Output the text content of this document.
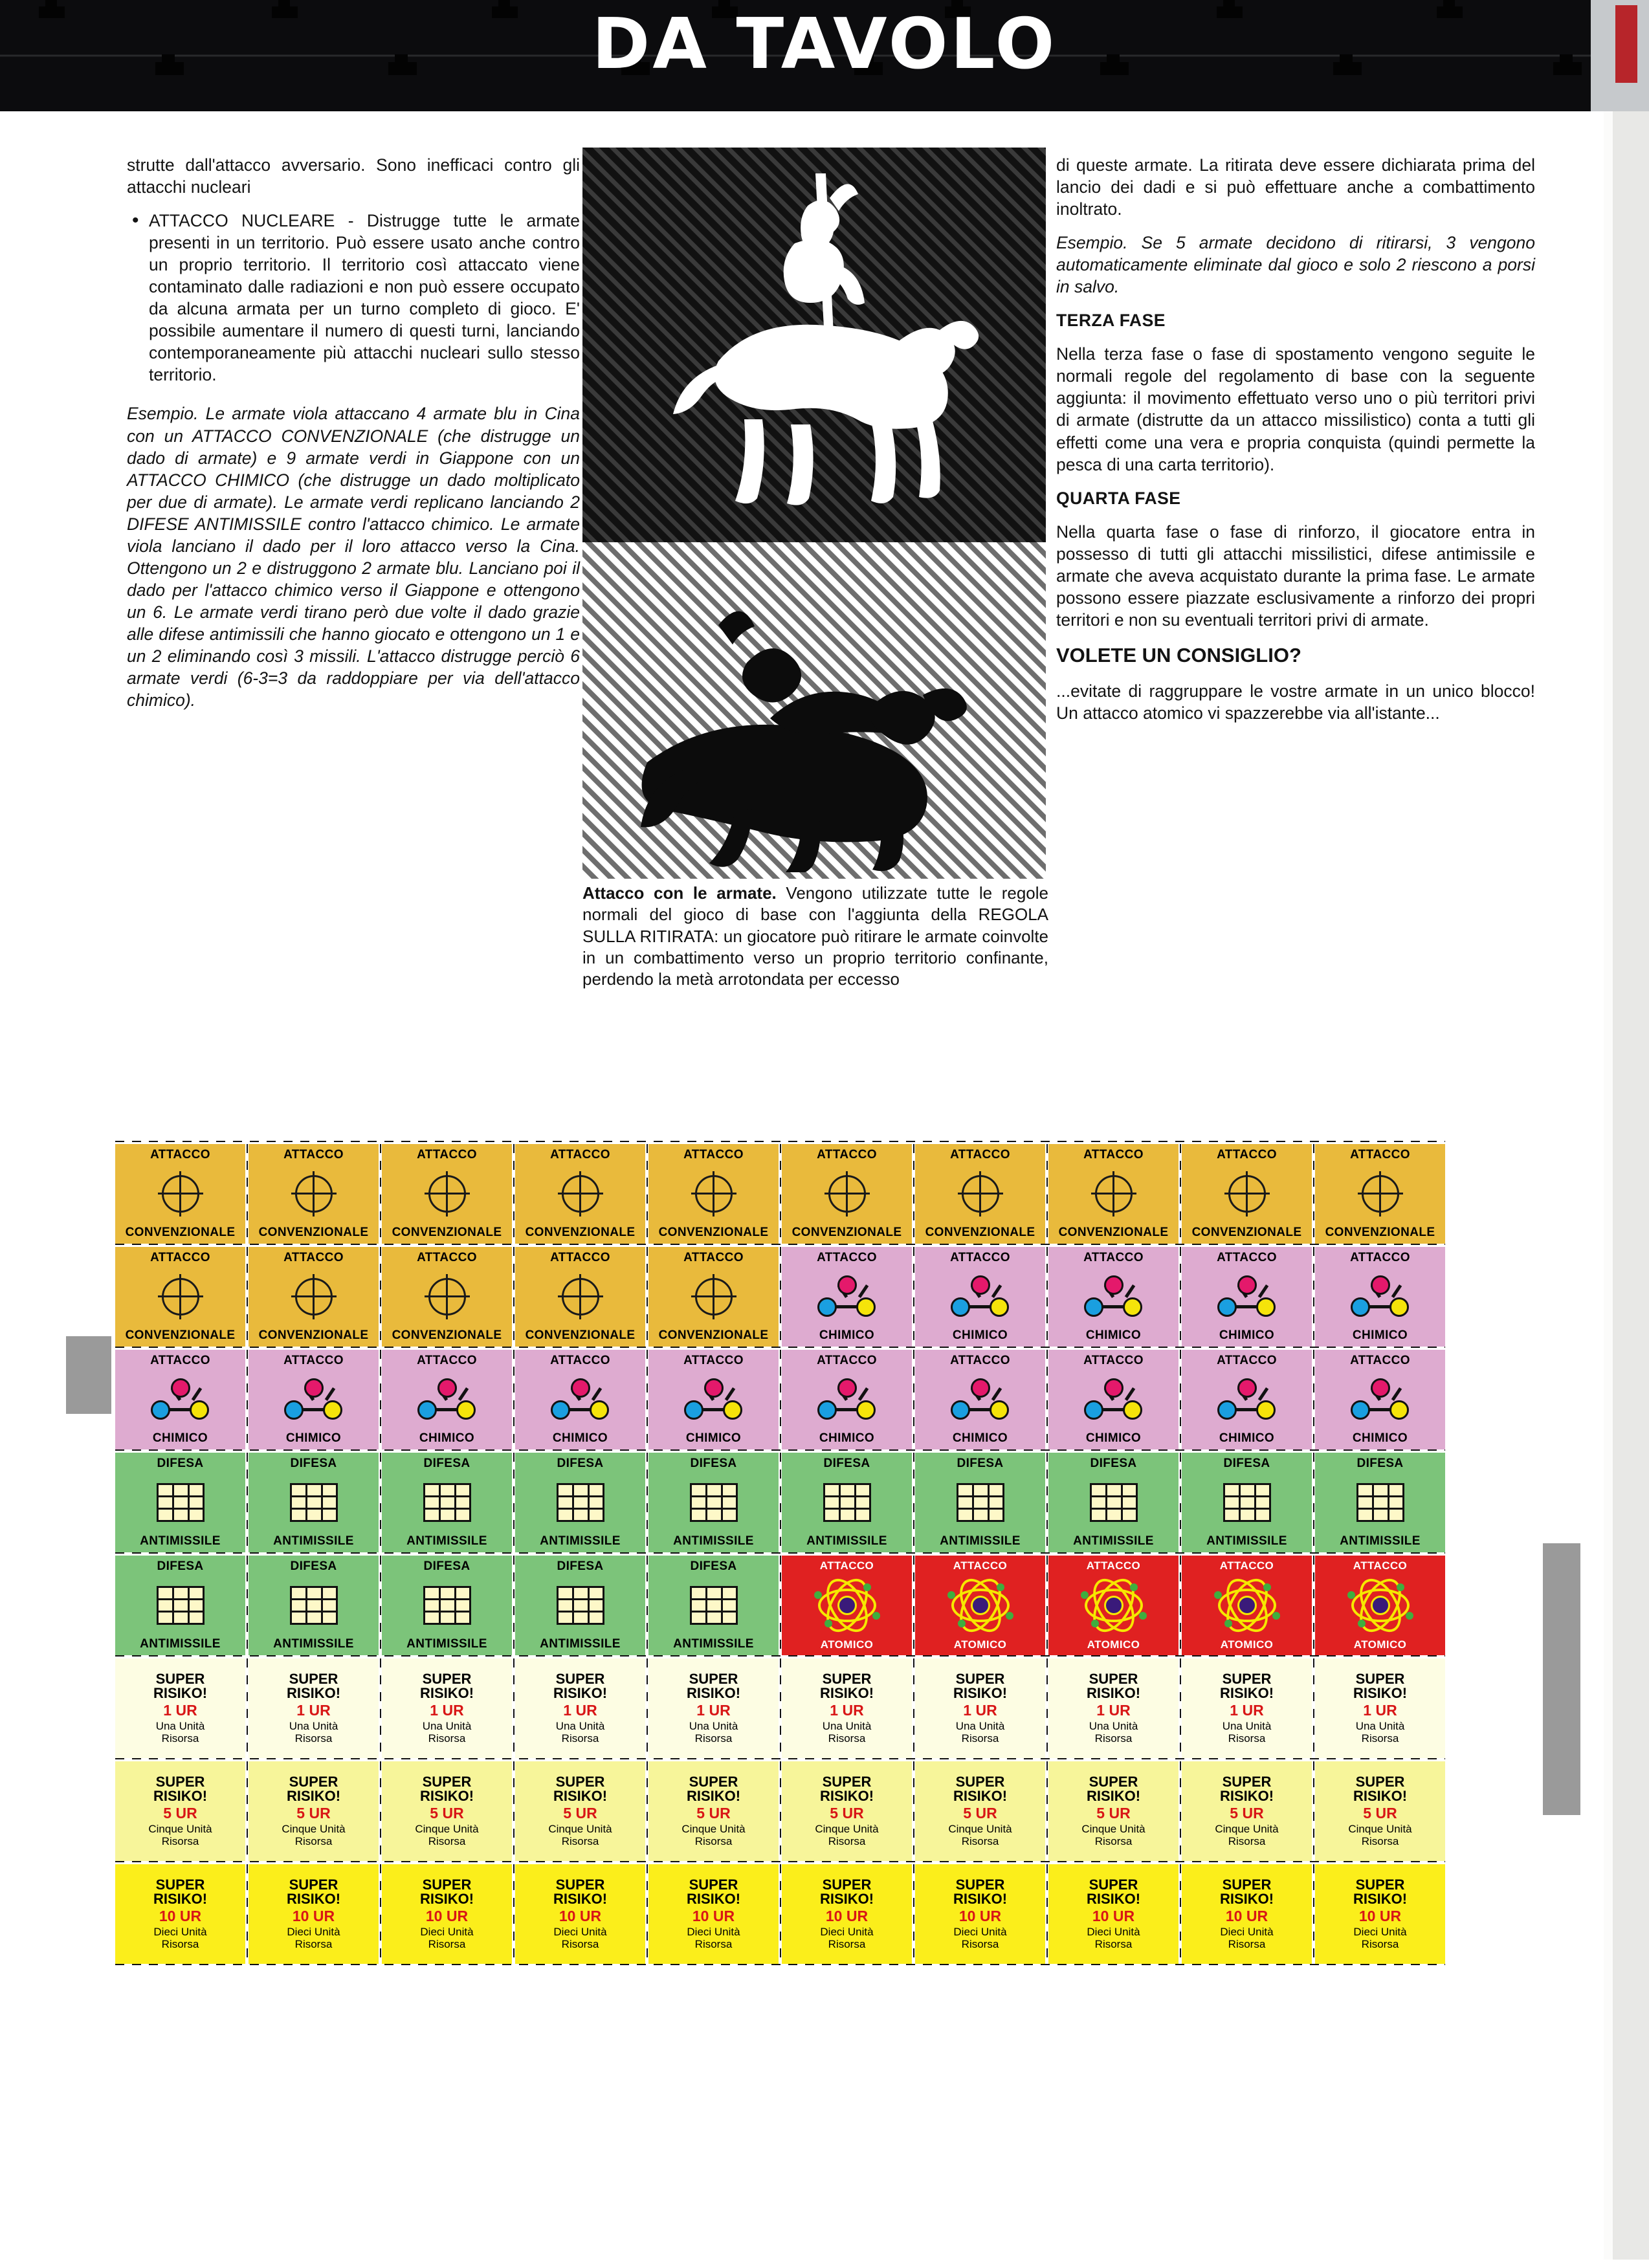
DA TAVOLO

strutte dall'attacco avversario. Sono inefficaci contro gli attacchi nucleari

• ATTACCO NUCLEARE - Distrugge tutte le armate presenti in un territorio. Può essere usato anche contro un proprio territorio. Il territorio così attaccato viene contaminato dalle radiazioni e non può essere occupato da alcuna armata per un turno completo di gioco. E' possibile aumentare il numero di questi turni, lanciando contemporaneamente più attacchi nucleari sullo stesso territorio.

Esempio. Le armate viola attaccano 4 armate blu in Cina con un ATTACCO CONVENZIONALE (che distrugge un dado di armate) e 9 armate verdi in Giappone con un ATTACCO CHIMICO (che distrugge un dado moltiplicato per due di armate). Le armate verdi replicano lanciando 2 DIFESE ANTIMISSILE contro l'attacco chimico. Le armate viola lanciano il dado per il loro attacco verso la Cina. Ottengono un 2 e distruggono 2 armate blu. Lanciano poi il dado per l'attacco chimico verso il Giappone e ottengono un 6. Le armate verdi tirano però due volte il dado grazie alle difese antimissili che hanno giocato e ottengono un 1 e un 2 eliminando così 3 missili. L'attacco distrugge perciò 6 armate verdi (6-3=3 da raddoppiare per via dell'attacco chimico).

Attacco con le armate. Vengono utilizzate tutte le regole normali del gioco di base con l'aggiunta della REGOLA SULLA RITIRATA: un giocatore può ritirare le armate coinvolte in un combattimento verso un proprio territorio confinante, perdendo la metà arrotondata per eccesso

di queste armate. La ritirata deve essere dichiarata prima del lancio dei dadi e si può effettuare anche a combattimento inoltrato.

Esempio. Se 5 armate decidono di ritirarsi, 3 vengono automaticamente eliminate dal gioco e solo 2 riescono a porsi in salvo.

TERZA FASE

Nella terza fase o fase di spostamento vengono seguite le normali regole del regolamento di base con la seguente aggiunta: il movimento effettuato verso uno o più territori privi di armate (distrutte da un attacco missilistico) conta a tutti gli effetti come una vera e propria conquista (quindi permette la pesca di una carta territorio).

QUARTA FASE

Nella quarta fase o fase di rinforzo, il giocatore entra in possesso di tutti gli attacchi missilistici, difese antimissile e armate che aveva acquistato durante la prima fase. Le armate possono essere piazzate esclusivamente a rinforzo dei propri territori e non su eventuali territori privi di armate.

VOLETE UN CONSIGLIO?

...evitate di raggruppare le vostre armate in un unico blocco! Un attacco atomico vi spazzerebbe via all'istante...

ATTACCO
CONVENZIONALE
ATTACCO
CONVENZIONALE
ATTACCO
CONVENZIONALE
ATTACCO
CONVENZIONALE
ATTACCO
CONVENZIONALE
ATTACCO
CONVENZIONALE
ATTACCO
CONVENZIONALE
ATTACCO
CONVENZIONALE
ATTACCO
CONVENZIONALE
ATTACCO
CONVENZIONALE
ATTACCO
CONVENZIONALE
ATTACCO
CONVENZIONALE
ATTACCO
CONVENZIONALE
ATTACCO
CONVENZIONALE
ATTACCO
CONVENZIONALE
ATTACCO
CHIMICO
ATTACCO
CHIMICO
ATTACCO
CHIMICO
ATTACCO
CHIMICO
ATTACCO
CHIMICO
ATTACCO
CHIMICO
ATTACCO
CHIMICO
ATTACCO
CHIMICO
ATTACCO
CHIMICO
ATTACCO
CHIMICO
ATTACCO
CHIMICO
ATTACCO
CHIMICO
ATTACCO
CHIMICO
ATTACCO
CHIMICO
ATTACCO
CHIMICO
DIFESA
ANTIMISSILE
DIFESA
ANTIMISSILE
DIFESA
ANTIMISSILE
DIFESA
ANTIMISSILE
DIFESA
ANTIMISSILE
DIFESA
ANTIMISSILE
DIFESA
ANTIMISSILE
DIFESA
ANTIMISSILE
DIFESA
ANTIMISSILE
DIFESA
ANTIMISSILE
DIFESA
ANTIMISSILE
DIFESA
ANTIMISSILE
DIFESA
ANTIMISSILE
DIFESA
ANTIMISSILE
DIFESA
ANTIMISSILE
ATTACCO
ATOMICO
ATTACCO
ATOMICO
ATTACCO
ATOMICO
ATTACCO
ATOMICO
ATTACCO
ATOMICO
SUPER
RISIKO!
1 UR
Una Unità
Risorsa
SUPER
RISIKO!
1 UR
Una Unità
Risorsa
SUPER
RISIKO!
1 UR
Una Unità
Risorsa
SUPER
RISIKO!
1 UR
Una Unità
Risorsa
SUPER
RISIKO!
1 UR
Una Unità
Risorsa
SUPER
RISIKO!
1 UR
Una Unità
Risorsa
SUPER
RISIKO!
1 UR
Una Unità
Risorsa
SUPER
RISIKO!
1 UR
Una Unità
Risorsa
SUPER
RISIKO!
1 UR
Una Unità
Risorsa
SUPER
RISIKO!
1 UR
Una Unità
Risorsa
SUPER
RISIKO!
5 UR
Cinque Unità
Risorsa
SUPER
RISIKO!
5 UR
Cinque Unità
Risorsa
SUPER
RISIKO!
5 UR
Cinque Unità
Risorsa
SUPER
RISIKO!
5 UR
Cinque Unità
Risorsa
SUPER
RISIKO!
5 UR
Cinque Unità
Risorsa
SUPER
RISIKO!
5 UR
Cinque Unità
Risorsa
SUPER
RISIKO!
5 UR
Cinque Unità
Risorsa
SUPER
RISIKO!
5 UR
Cinque Unità
Risorsa
SUPER
RISIKO!
5 UR
Cinque Unità
Risorsa
SUPER
RISIKO!
5 UR
Cinque Unità
Risorsa
SUPER
RISIKO!
10 UR
Dieci Unità
Risorsa
SUPER
RISIKO!
10 UR
Dieci Unità
Risorsa
SUPER
RISIKO!
10 UR
Dieci Unità
Risorsa
SUPER
RISIKO!
10 UR
Dieci Unità
Risorsa
SUPER
RISIKO!
10 UR
Dieci Unità
Risorsa
SUPER
RISIKO!
10 UR
Dieci Unità
Risorsa
SUPER
RISIKO!
10 UR
Dieci Unità
Risorsa
SUPER
RISIKO!
10 UR
Dieci Unità
Risorsa
SUPER
RISIKO!
10 UR
Dieci Unità
Risorsa
SUPER
RISIKO!
10 UR
Dieci Unità
Risorsa
